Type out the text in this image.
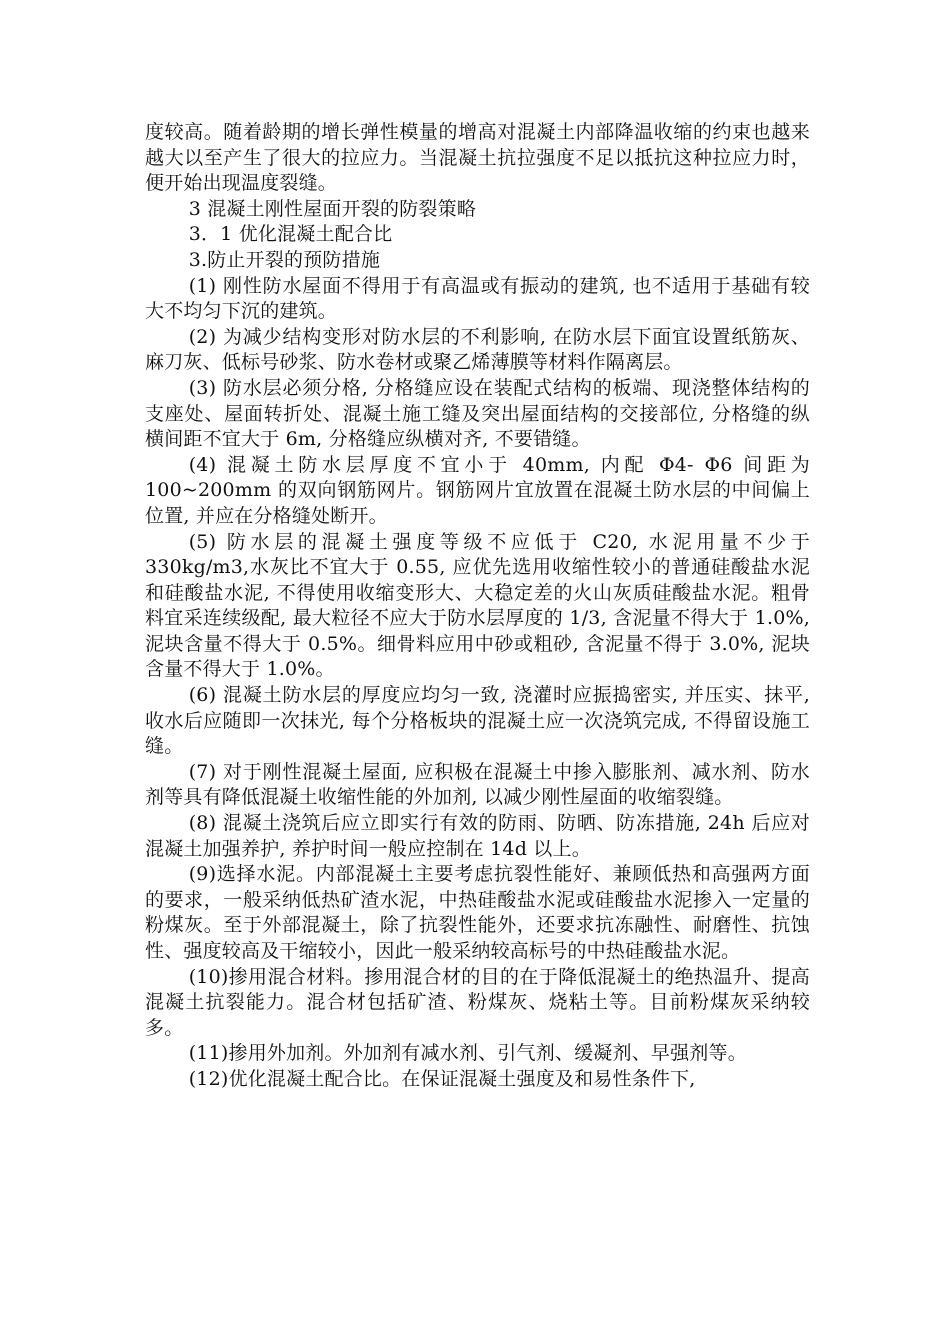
度较高。随着龄期的增长弹性模量的增高对混凝土内部降温收缩的约束也越来越大以至产生了很大的拉应力。当混凝土抗拉强度不足以抵抗这种拉应力时，便开始出现温度裂缝。

3 混凝土刚性屋面开裂的防裂策略

3．1 优化混凝土配合比

3.防止开裂的预防措施

(1) 刚性防水屋面不得用于有高温或有振动的建筑, 也不适用于基础有较大不均匀下沉的建筑。

(2) 为减少结构变形对防水层的不利影响, 在防水层下面宜设置纸筋灰、麻刀灰、低标号砂浆、防水卷材或聚乙烯薄膜等材料作隔离层。

(3) 防水层必须分格, 分格缝应设在装配式结构的板端、现浇整体结构的支座处、屋面转折处、混凝土施工缝及突出屋面结构的交接部位, 分格缝的纵横间距不宜大于 6m, 分格缝应纵横对齐, 不要错缝。

(4) 混凝土防水层厚度不宜小于 40mm, 内配 Φ4- Φ6 间距为 100~200mm 的双向钢筋网片。钢筋网片宜放置在混凝土防水层的中间偏上位置, 并应在分格缝处断开。

(5) 防水层的混凝土强度等级不应低于 C20, 水泥用量不少于 330kg/m3,水灰比不宜大于 0.55, 应优先选用收缩性较小的普通硅酸盐水泥和硅酸盐水泥, 不得使用收缩变形大、大稳定差的火山灰质硅酸盐水泥。粗骨料宜采连续级配, 最大粒径不应大于防水层厚度的 1/3, 含泥量不得大于 1.0%, 泥块含量不得大于 0.5%。细骨料应用中砂或粗砂, 含泥量不得于 3.0%, 泥块含量不得大于 1.0%。

(6) 混凝土防水层的厚度应均匀一致, 浇灌时应振捣密实, 并压实、抹平, 收水后应随即一次抹光, 每个分格板块的混凝土应一次浇筑完成, 不得留设施工缝。

(7) 对于刚性混凝土屋面, 应积极在混凝土中掺入膨胀剂、减水剂、防水剂等具有降低混凝土收缩性能的外加剂, 以减少刚性屋面的收缩裂缝。

(8) 混凝土浇筑后应立即实行有效的防雨、防晒、防冻措施, 24h 后应对混凝土加强养护, 养护时间一般应控制在 14d 以上。

(9)选择水泥。内部混凝土主要考虑抗裂性能好、兼顾低热和高强两方面的要求，一般采纳低热矿渣水泥，中热硅酸盐水泥或硅酸盐水泥掺入一定量的粉煤灰。至于外部混凝土，除了抗裂性能外，还要求抗冻融性、耐磨性、抗蚀性、强度较高及干缩较小，因此一般采纳较高标号的中热硅酸盐水泥。

(10)掺用混合材料。掺用混合材的目的在于降低混凝土的绝热温升、提高混凝土抗裂能力。混合材包括矿渣、粉煤灰、烧粘土等。目前粉煤灰采纳较多。

(11)掺用外加剂。外加剂有减水剂、引气剂、缓凝剂、早强剂等。

(12)优化混凝土配合比。在保证混凝土强度及和易性条件下,
